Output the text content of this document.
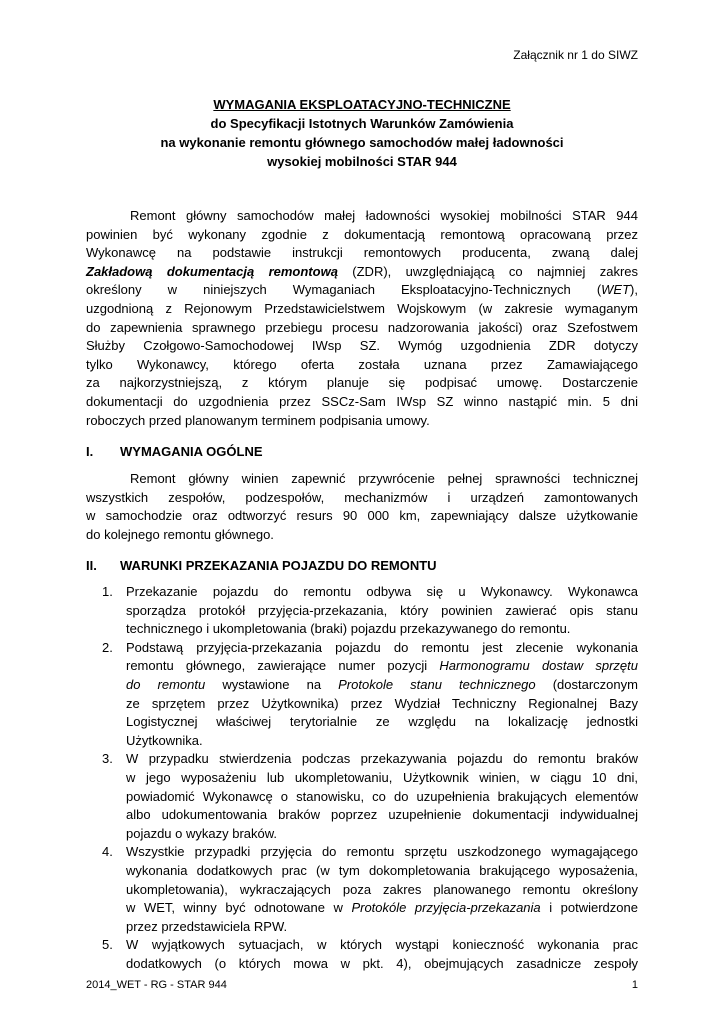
Załącznik nr 1 do SIWZ
WYMAGANIA EKSPLOATACYJNO-TECHNICZNE
do Specyfikacji Istotnych Warunków Zamówienia
na wykonanie remontu głównego samochodów małej ładowności
wysokiej mobilności STAR 944
Remont główny samochodów małej ładowności wysokiej mobilności STAR 944
powinien być wykonany zgodnie z dokumentacją remontową opracowaną przez
Wykonawcę na podstawie instrukcji remontowych producenta, zwaną dalej
Zakładową dokumentacją remontową (ZDR), uwzględniającą co najmniej zakres
określony w niniejszych Wymaganiach Eksploatacyjno-Technicznych (WET),
uzgodnioną z Rejonowym Przedstawicielstwem Wojskowym (w zakresie wymaganym
do zapewnienia sprawnego przebiegu procesu nadzorowania jakości) oraz Szefostwem
Służby Czołgowo-Samochodowej IWsp SZ. Wymóg uzgodnienia ZDR dotyczy
tylko Wykonawcy, którego oferta została uznana przez Zamawiającego
za najkorzystniejszą, z którym planuje się podpisać umowę. Dostarczenie
dokumentacji do uzgodnienia przez SSCz-Sam IWsp SZ winno nastąpić min. 5 dni
roboczych przed planowanym terminem podpisania umowy.
I. WYMAGANIA OGÓLNE
Remont główny winien zapewnić przywrócenie pełnej sprawności technicznej
wszystkich zespołów, podzespołów, mechanizmów i urządzeń zamontowanych
w samochodzie oraz odtworzyć resurs 90 000 km, zapewniający dalsze użytkowanie
do kolejnego remontu głównego.
II. WARUNKI PRZEKAZANIA POJAZDU DO REMONTU
1. Przekazanie pojazdu do remontu odbywa się u Wykonawcy. Wykonawca
sporządza protokół przyjęcia-przekazania, który powinien zawierać opis stanu
technicznego i ukompletowania (braki) pojazdu przekazywanego do remontu.
2. Podstawą przyjęcia-przekazania pojazdu do remontu jest zlecenie wykonania
remontu głównego, zawierające numer pozycji Harmonogramu dostaw sprzętu
do remontu wystawione na Protokole stanu technicznego (dostarczonym
ze sprzętem przez Użytkownika) przez Wydział Techniczny Regionalnej Bazy
Logistycznej właściwej terytorialnie ze względu na lokalizację jednostki
Użytkownika.
3. W przypadku stwierdzenia podczas przekazywania pojazdu do remontu braków
w jego wyposażeniu lub ukompletowaniu, Użytkownik winien, w ciągu 10 dni,
powiadomić Wykonawcę o stanowisku, co do uzupełnienia brakujących elementów
albo udokumentowania braków poprzez uzupełnienie dokumentacji indywidualnej
pojazdu o wykazy braków.
4. Wszystkie przypadki przyjęcia do remontu sprzętu uszkodzonego wymagającego
wykonania dodatkowych prac (w tym dokompletowania brakującego wyposażenia,
ukompletowania), wykraczających poza zakres planowanego remontu określony
w WET, winny być odnotowane w Protokóle przyjęcia-przekazania i potwierdzone
przez przedstawiciela RPW.
5. W wyjątkowych sytuacjach, w których wystąpi konieczność wykonania prac
dodatkowych (o których mowa w pkt. 4), obejmujących zasadnicze zespoły
2014_WET - RG - STAR 944	1
